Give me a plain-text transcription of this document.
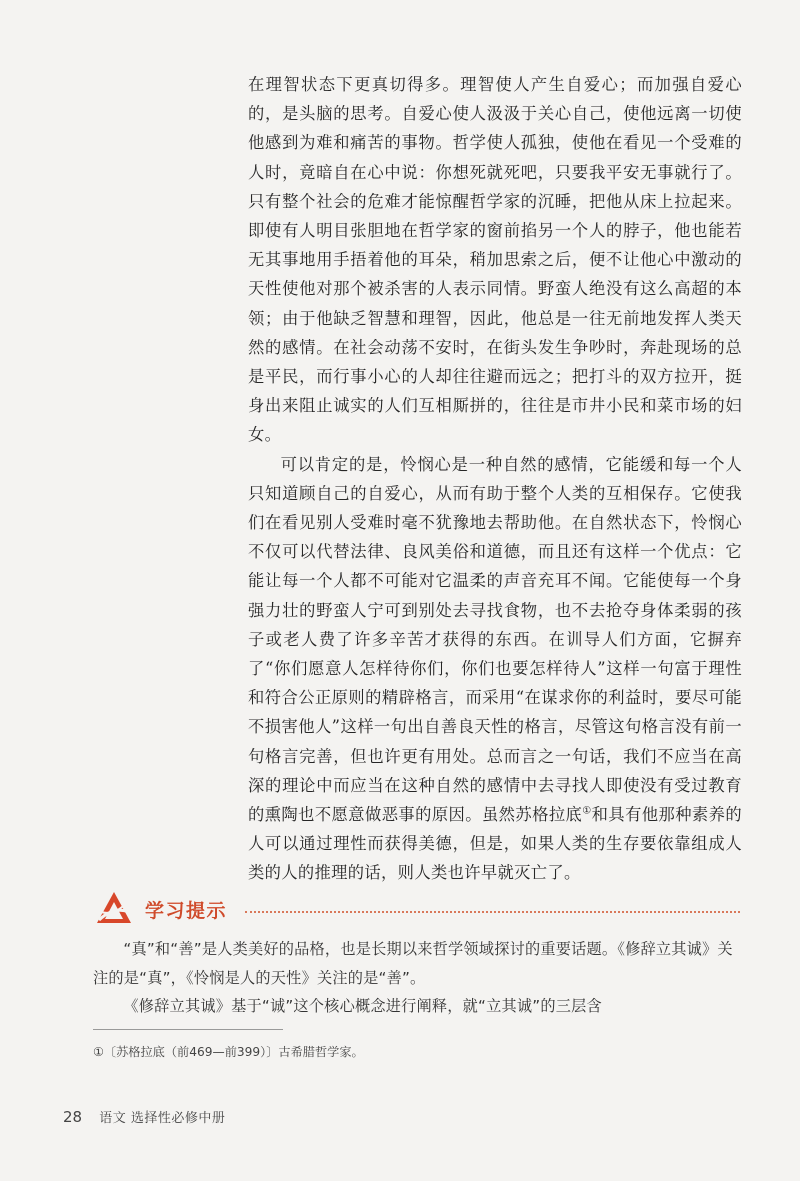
在理智状态下更真切得多。理智使人产生自爱心；而加强自爱心的，是头脑的思考。自爱心使人汲汲于关心自己，使他远离一切使他感到为难和痛苦的事物。哲学使人孤独，使他在看见一个受难的人时，竟暗自在心中说：你想死就死吧，只要我平安无事就行了。只有整个社会的危难才能惊醒哲学家的沉睡，把他从床上拉起来。即使有人明目张胆地在哲学家的窗前掐另一个人的脖子，他也能若无其事地用手捂着他的耳朵，稍加思索之后，便不让他心中激动的天性使他对那个被杀害的人表示同情。野蛮人绝没有这么高超的本领；由于他缺乏智慧和理智，因此，他总是一往无前地发挥人类天然的感情。在社会动荡不安时，在街头发生争吵时，奔赴现场的总是平民，而行事小心的人却往往避而远之；把打斗的双方拉开，挺身出来阻止诚实的人们互相厮拼的，往往是市井小民和菜市场的妇女。

可以肯定的是，怜悯心是一种自然的感情，它能缓和每一个人只知道顾自己的自爱心，从而有助于整个人类的互相保存。它使我们在看见别人受难时毫不犹豫地去帮助他。在自然状态下，怜悯心不仅可以代替法律、良风美俗和道德，而且还有这样一个优点：它能让每一个人都不可能对它温柔的声音充耳不闻。它能使每一个身强力壮的野蛮人宁可到别处去寻找食物，也不去抢夺身体柔弱的孩子或老人费了许多辛苦才获得的东西。在训导人们方面，它摒弃了“你们愿意人怎样待你们，你们也要怎样待人”这样一句富于理性和符合公正原则的精辟格言，而采用“在谋求你的利益时，要尽可能不损害他人”这样一句出自善良天性的格言，尽管这句格言没有前一句格言完善，但也许更有用处。总而言之一句话，我们不应当在高深的理论中而应当在这种自然的感情中去寻找人即使没有受过教育的熏陶也不愿意做恶事的原因。虽然苏格拉底①和具有他那种素养的人可以通过理性而获得美德，但是，如果人类的生存要依靠组成人类的人的推理的话，则人类也许早就灭亡了。

学习提示

“真”和“善”是人类美好的品格，也是长期以来哲学领域探讨的重要话题。《修辞立其诚》关注的是“真”，《怜悯是人的天性》关注的是“善”。

《修辞立其诚》基于“诚”这个核心概念进行阐释，就“立其诚”的三层含

①〔苏格拉底（前469—前399）〕古希腊哲学家。
28 语文 选择性必修中册
